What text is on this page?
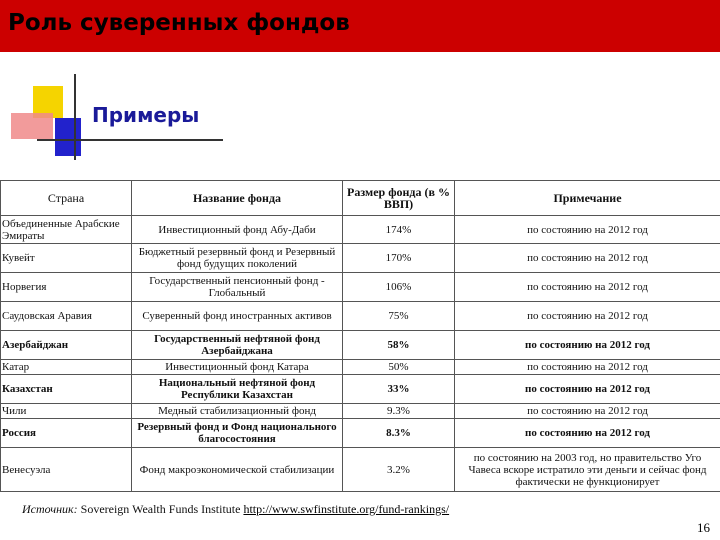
Роль суверенных фондов
Примеры
Страна	Название фонда	Размер фонда (в % ВВП)	Примечание
Объединенные Арабские Эмираты	Инвестиционный фонд Абу-Даби	174%	по состоянию на 2012 год
Кувейт	Бюджетный резервный фонд и Резервный фонд будущих поколений	170%	по состоянию на 2012 год
Норвегия	Государственный пенсионный фонд - Глобальный	106%	по состоянию на 2012 год
Саудовская Аравия	Суверенный фонд иностранных активов	75%	по состоянию на 2012 год
Азербайджан	Государственный нефтяной фонд Азербайджана	58%	по состоянию на 2012 год
Катар	Инвестиционный фонд Катара	50%	по состоянию на 2012 год
Казахстан	Национальный нефтяной фонд Республики Казахстан	33%	по состоянию на 2012 год
Чили	Медный стабилизационный фонд	9.3%	по состоянию на 2012 год
Россия	Резервный фонд и Фонд национального благосостояния	8.3%	по состоянию на 2012 год
Венесуэла	Фонд макроэкономической стабилизации	3.2%	по состоянию на 2003 год, но правительство Уго Чавеса вскоре истратило эти деньги и сейчас фонд фактически не функционирует
Источник: Sovereign Wealth Funds Institute http://www.swfinstitute.org/fund-rankings/
16
